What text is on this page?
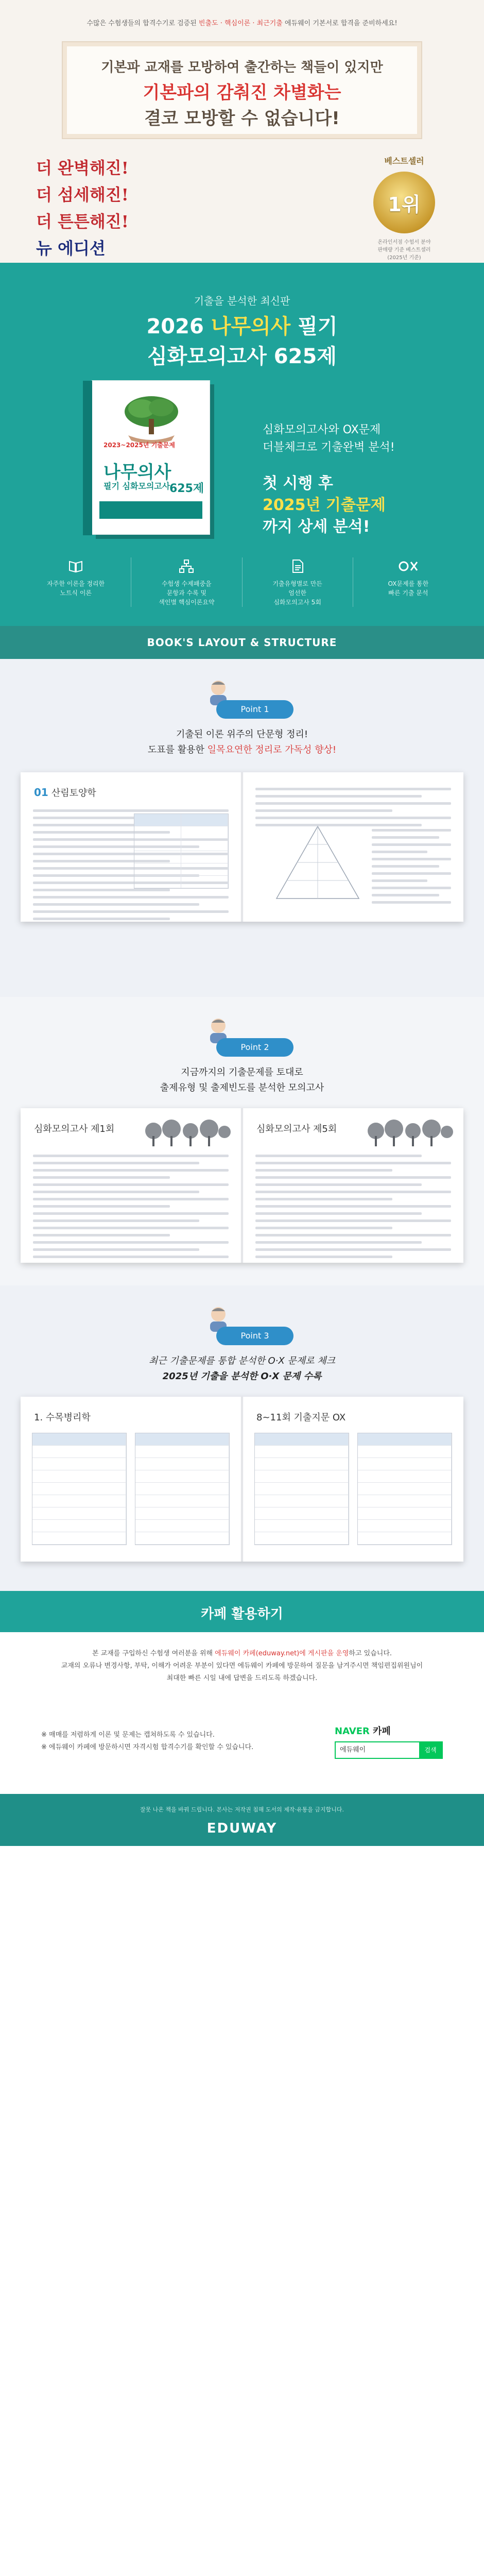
수많은 수험생들의 합격수기로 검증된 빈출도 · 핵심이론 · 최근기출 에듀웨이 기본서로 합격을 준비하세요!
기본파 교재를 모방하여 출간하는 책들이 있지만
기본파의 감춰진 차별화는
결코 모방할 수 없습니다!
더 완벽해진!
더 섬세해진!
더 튼튼해진!
뉴 에디션
베스트셀러
1위
온라인서점 수험서 분야
판매량 기준 베스트셀러
(2025년 기준)
기출을 분석한 최신판
2026 나무의사 필기
심화모의고사 625제
2023~2025년 기출문제
나무의사
필기 심화모의고사
625제
심화모의고사와 OX문제
더블체크로 기출완벽 분석!
첫 시행 후
2025년 기출문제
까지 상세 분석!
자주한 이론을 정리한
노트식 이론
수험생 수제패중을
문항과 수록 및
색인별 핵심이론요약
기출유형별로 만든
엄선한
심화모의고사 5회
OX문제를 통한
빠른 기출 문석
BOOK'S LAYOUT & STRUCTURE
Point 1
기출된 이론 위주의 단문형 정리!
도표를 활용한 일목요연한 정리로 가독성 향상!
01 산림토양학
Point 2
지금까지의 기출문제를 토대로
출제유형 및 출제빈도를 분석한 모의고사
심화모의고사 제1회	심화모의고사 제5회
Point 3
최근 기출문제를 통합 분석한 O·X 문제로 체크
2025년 기출을 분석한 O·X 문제 수록
1. 수목병리학	8~11회 기출지문 OX
카페 활용하기
본 교재를 구입하신 수험생 여러분을 위해 에듀웨이 카페(eduway.net)에 게시판을 운영하고 있습니다.
교재의 오류나 변경사항, 부탁, 이해가 어려운 부분이 있다면 에듀웨이 카페에 방문하여 질문을 남겨주시면 책임편집위원님이
최대한 빠른 시일 내에 답변을 드리도록 하겠습니다.
※ 매매를 저렴하게 이론 및 문제는 캡쳐하도록 수 있습니다.
※ 에듀웨이 카페에 방문하시면 자격시험 합격수기를 확인할 수 있습니다.
NAVER 카페
에듀웨이	검색
잘못 나온 책을 바꿔 드립니다. 본사는 저작권 침해 도서의 제작·유통을 금지합니다.
EDUWAY
